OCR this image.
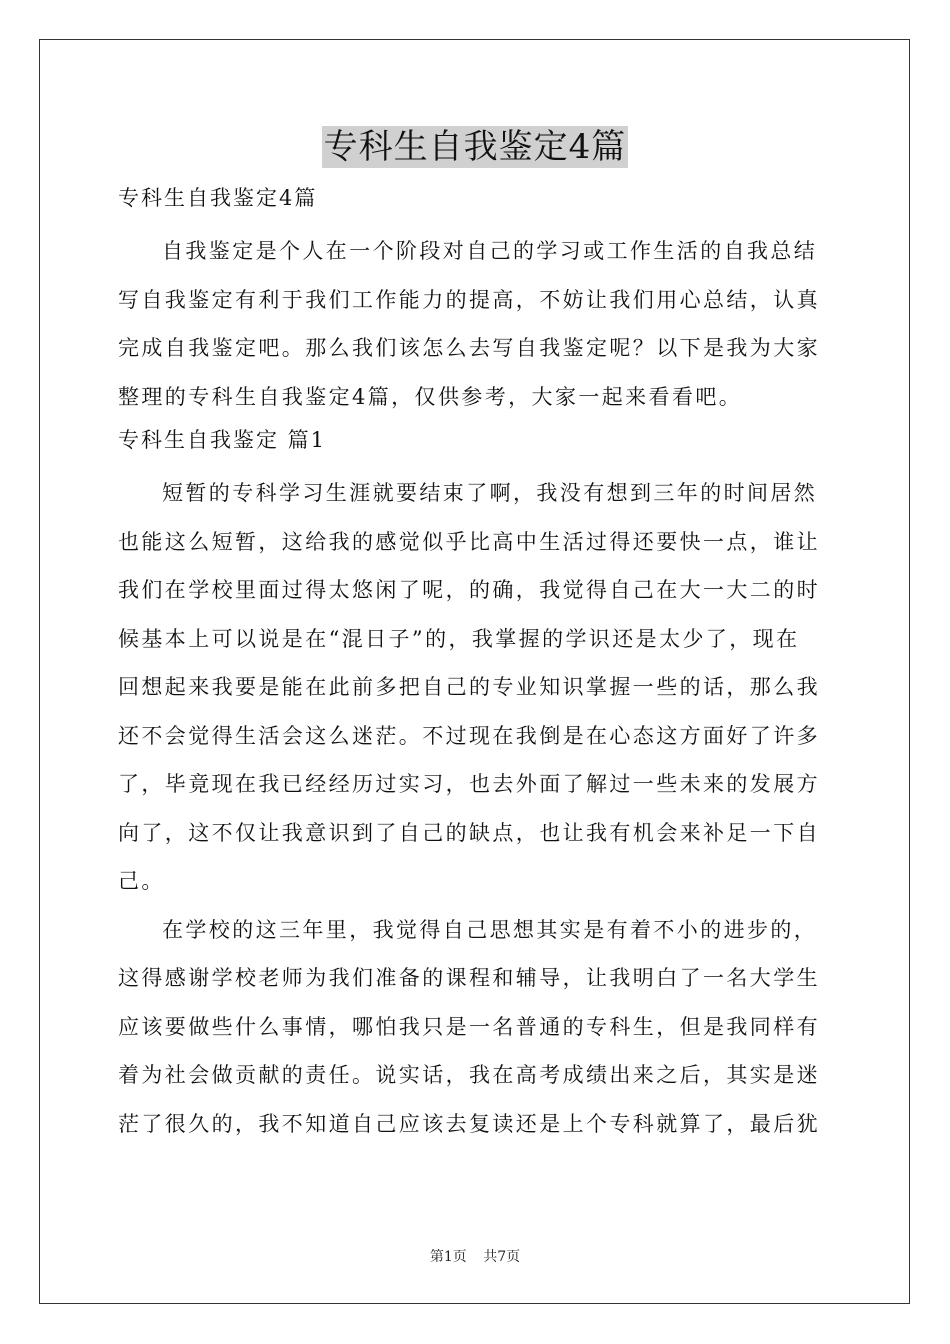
专科生自我鉴定4篇
专科生自我鉴定4篇
自我鉴定是个人在一个阶段对自己的学习或工作生活的自我总结
写自我鉴定有利于我们工作能力的提高，不妨让我们用心总结，认真
完成自我鉴定吧。那么我们该怎么去写自我鉴定呢？以下是我为大家
整理的专科生自我鉴定4篇，仅供参考，大家一起来看看吧。
专科生自我鉴定 篇1
短暂的专科学习生涯就要结束了啊，我没有想到三年的时间居然
也能这么短暂，这给我的感觉似乎比高中生活过得还要快一点，谁让
我们在学校里面过得太悠闲了呢，的确，我觉得自己在大一大二的时
候基本上可以说是在“混日子”的，我掌握的学识还是太少了，现在
回想起来我要是能在此前多把自己的专业知识掌握一些的话，那么我
还不会觉得生活会这么迷茫。不过现在我倒是在心态这方面好了许多
了，毕竟现在我已经经历过实习，也去外面了解过一些未来的发展方
向了，这不仅让我意识到了自己的缺点，也让我有机会来补足一下自
己。
在学校的这三年里，我觉得自己思想其实是有着不小的进步的，
这得感谢学校老师为我们准备的课程和辅导，让我明白了一名大学生
应该要做些什么事情，哪怕我只是一名普通的专科生，但是我同样有
着为社会做贡献的责任。说实话，我在高考成绩出来之后，其实是迷
茫了很久的，我不知道自己应该去复读还是上个专科就算了，最后犹
第1页 共7页
